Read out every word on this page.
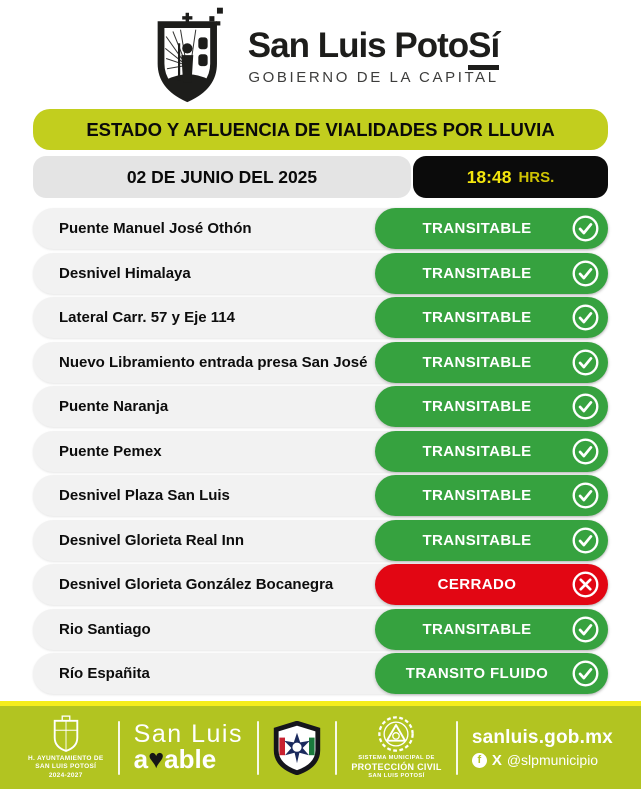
San Luis PotoSí
GOBIERNO DE LA CAPITAL
ESTADO Y AFLUENCIA DE VIALIDADES POR LLUVIA
02 DE JUNIO DEL 2025	18:48 HRS.
Puente Manuel José Othón	TRANSITABLE
Desnivel Himalaya	TRANSITABLE
Lateral Carr. 57 y Eje 114	TRANSITABLE
Nuevo Libramiento entrada presa San José	TRANSITABLE
Puente Naranja	TRANSITABLE
Puente Pemex	TRANSITABLE
Desnivel Plaza San Luis	TRANSITABLE
Desnivel Glorieta Real Inn	TRANSITABLE
Desnivel Glorieta González Bocanegra	CERRADO
Rio Santiago	TRANSITABLE
Río Españita	TRANSITO FLUIDO
H. AYUNTAMIENTO DE
SAN LUIS POTOSÍ
2024-2027
San Luis
a♥able	SISTEMA MUNICIPAL DE
PROTECCIÓN CIVIL
SAN LUIS POTOSÍ
sanluis.gob.mx
f X @slpmunicipio
